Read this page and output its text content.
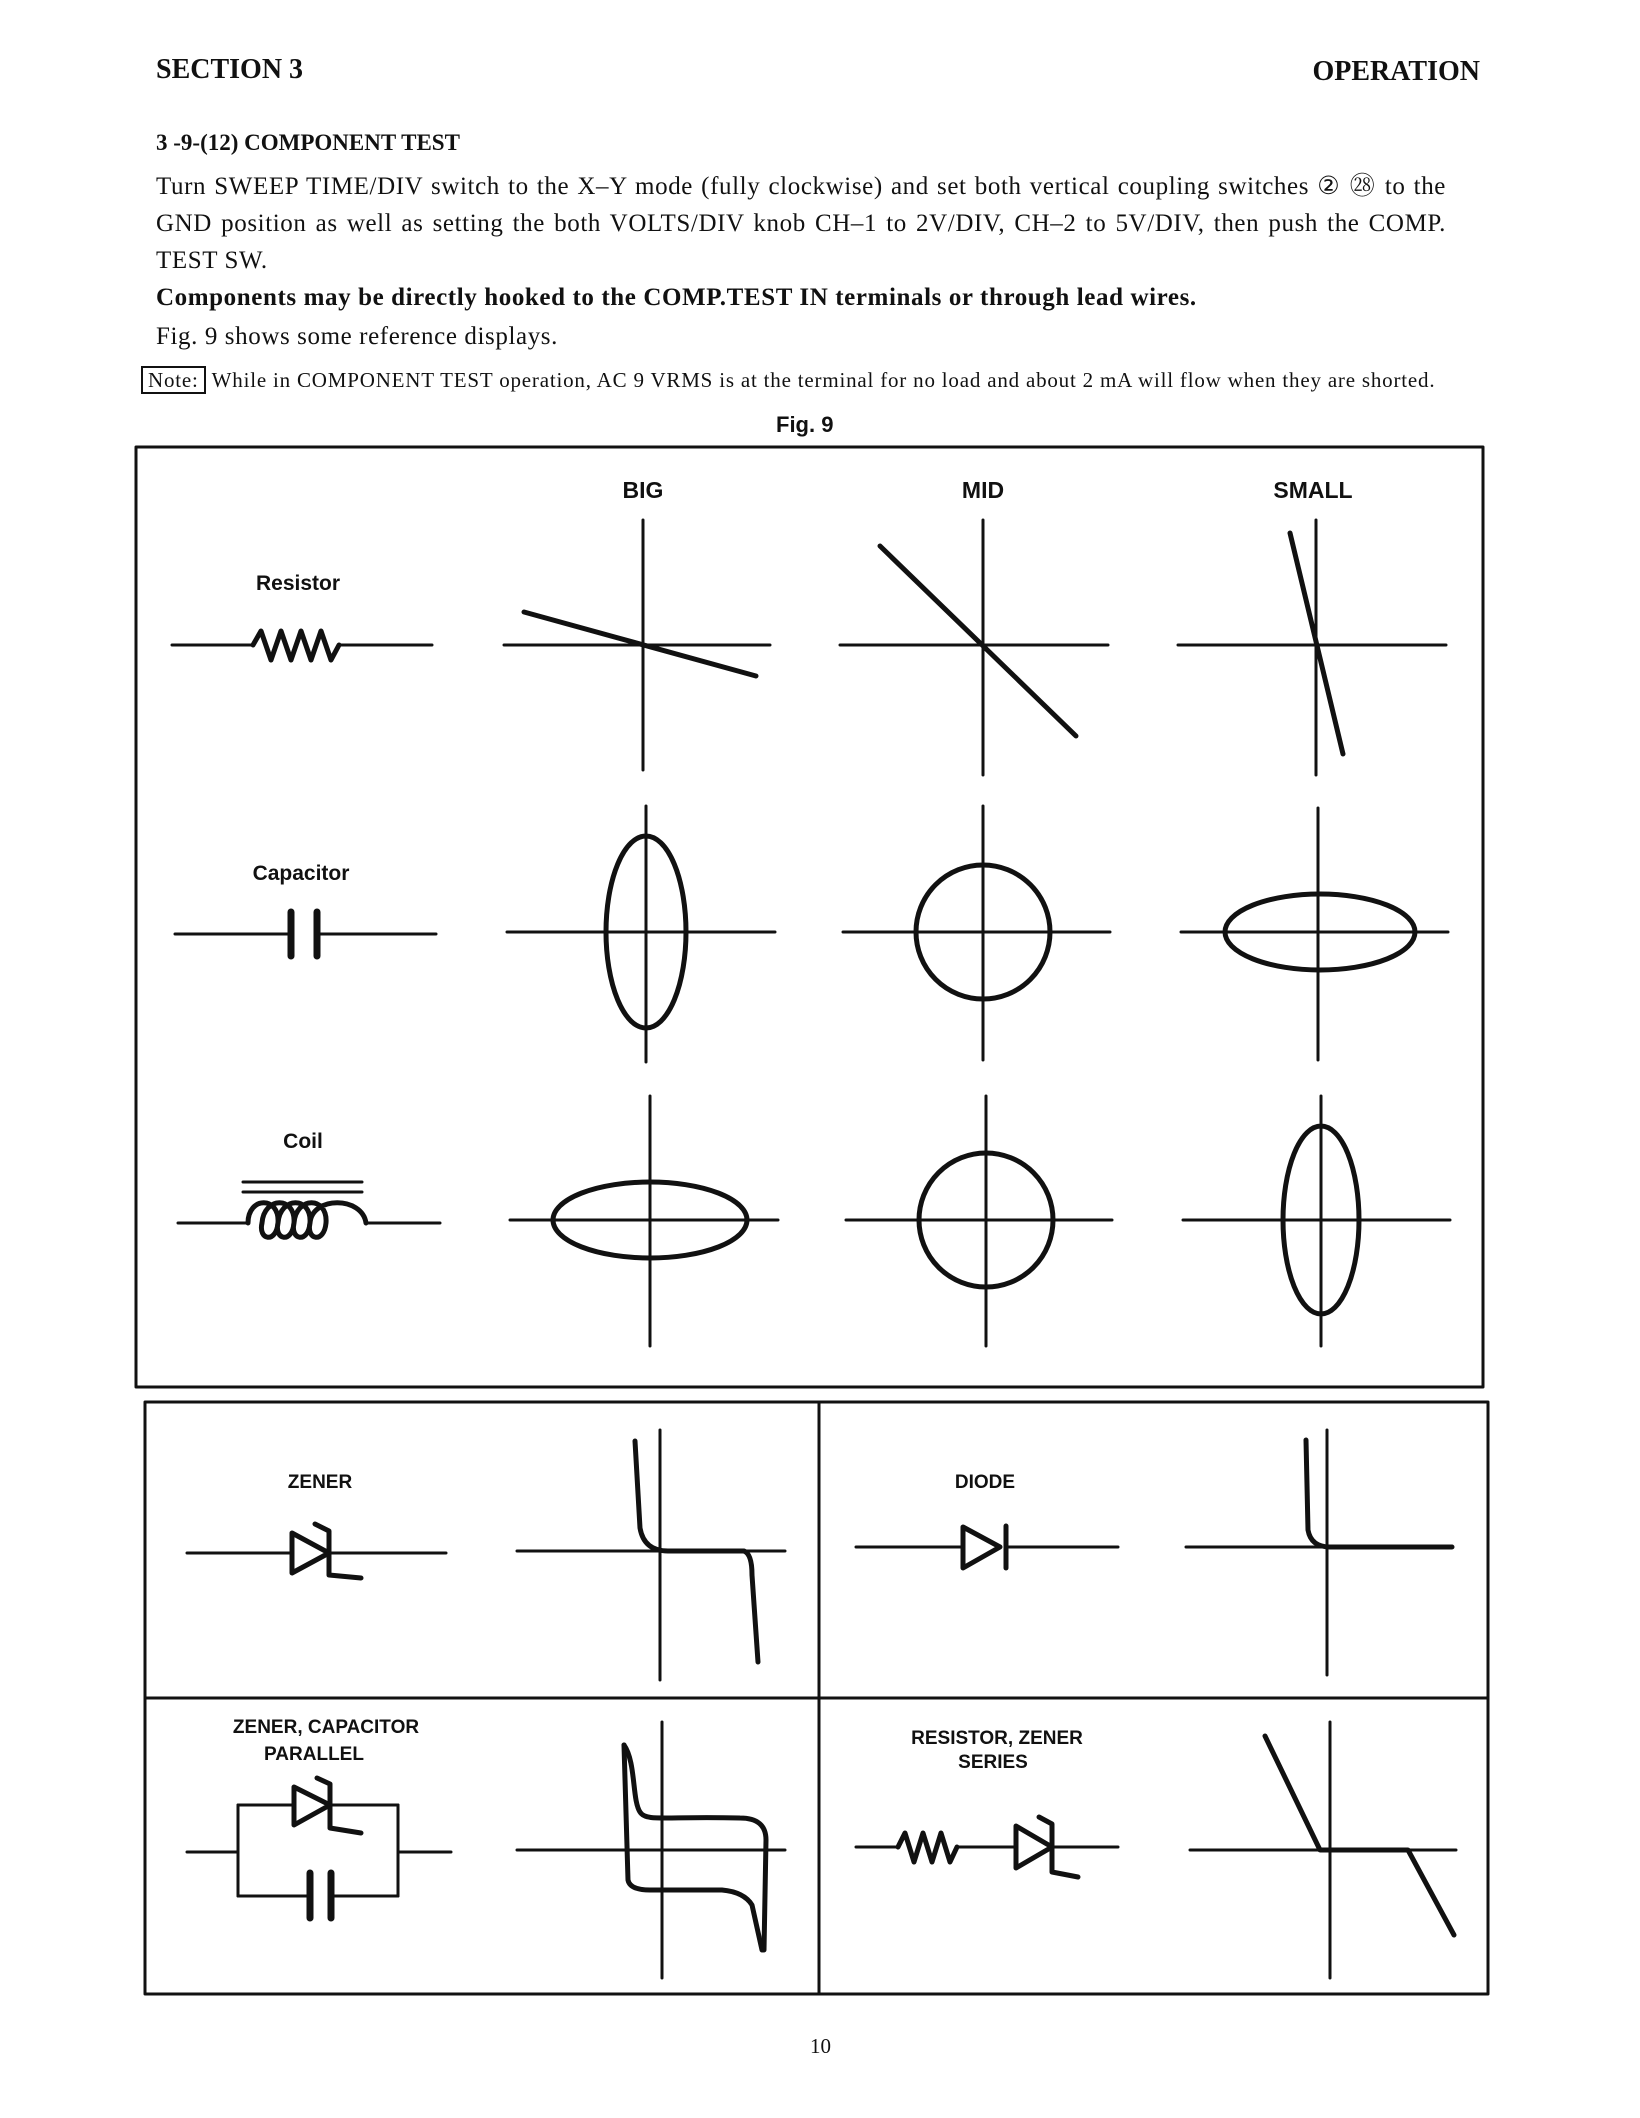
SECTION 3	OPERATION
3 -9-(12) COMPONENT TEST
Turn SWEEP TIME/DIV switch to the X–Y mode (fully clockwise) and set both vertical coupling switches ② ㉘ to the GND position as well as setting the both VOLTS/DIV knob CH–1 to 2V/DIV, CH–2 to 5V/DIV, then push the COMP. TEST SW.
Components may be directly hooked to the COMP.TEST IN terminals or through lead wires.
Fig. 9 shows some reference displays.
Note: While in COMPONENT TEST operation, AC 9 VRMS is at the terminal for no load and about 2 mA will flow when they are shorted.
Fig. 9
BIG	MID	SMALL
Resistor
Capacitor
Coil
ZENER	DIODE
ZENER, CAPACITOR
PARALLEL
RESISTOR, ZENER
SERIES
10
